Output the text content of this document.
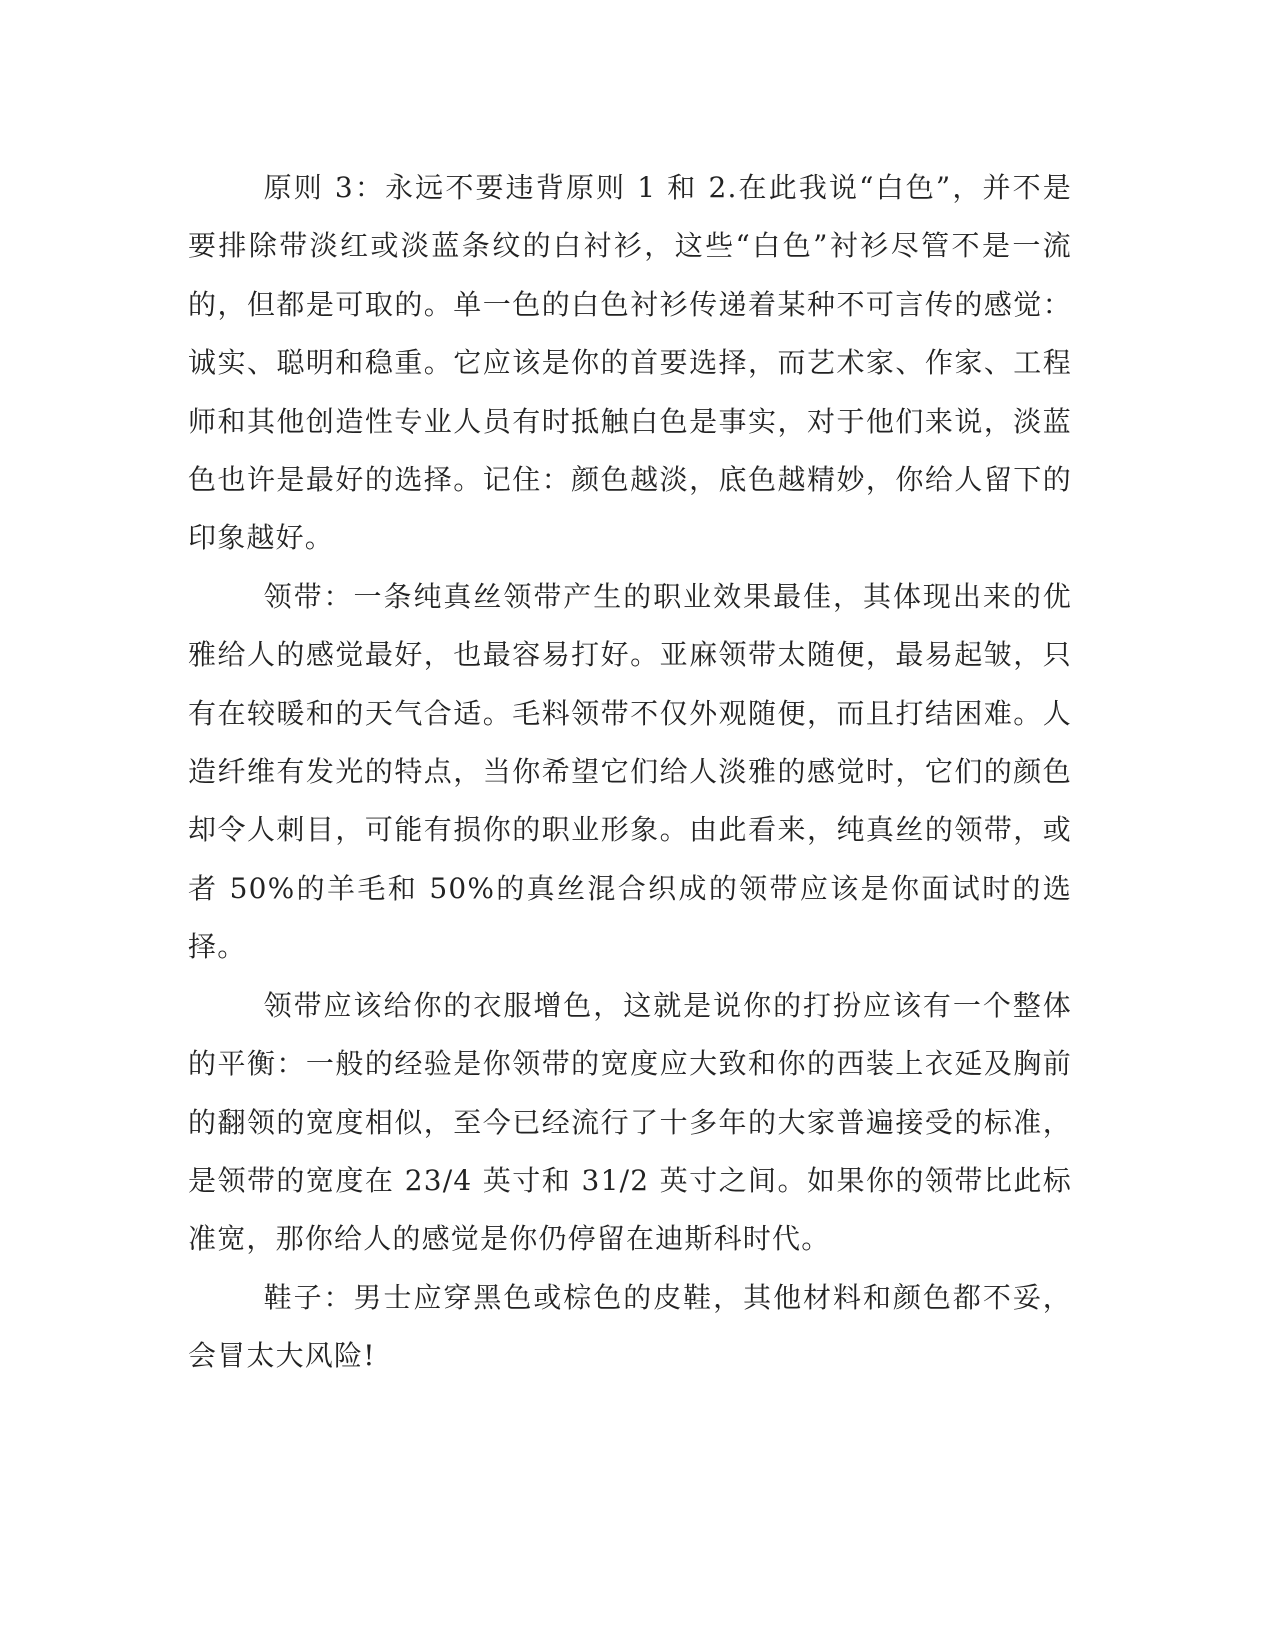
原则 3：永远不要违背原则 1 和 2.在此我说“白色”，并不是要排除带淡红或淡蓝条纹的白衬衫，这些“白色”衬衫尽管不是一流的，但都是可取的。单一色的白色衬衫传递着某种不可言传的感觉：诚实、聪明和稳重。它应该是你的首要选择，而艺术家、作家、工程师和其他创造性专业人员有时抵触白色是事实，对于他们来说，淡蓝色也许是最好的选择。记住：颜色越淡，底色越精妙，你给人留下的印象越好。

领带：一条纯真丝领带产生的职业效果最佳，其体现出来的优雅给人的感觉最好，也最容易打好。亚麻领带太随便，最易起皱，只有在较暖和的天气合适。毛料领带不仅外观随便，而且打结困难。人造纤维有发光的特点，当你希望它们给人淡雅的感觉时，它们的颜色却令人刺目，可能有损你的职业形象。由此看来，纯真丝的领带，或者 50%的羊毛和 50%的真丝混合织成的领带应该是你面试时的选择。

领带应该给你的衣服增色，这就是说你的打扮应该有一个整体的平衡：一般的经验是你领带的宽度应大致和你的西装上衣延及胸前的翻领的宽度相似，至今已经流行了十多年的大家普遍接受的标准，是领带的宽度在 23/4 英寸和 31/2 英寸之间。如果你的领带比此标准宽，那你给人的感觉是你仍停留在迪斯科时代。

鞋子：男士应穿黑色或棕色的皮鞋，其他材料和颜色都不妥，会冒太大风险!
